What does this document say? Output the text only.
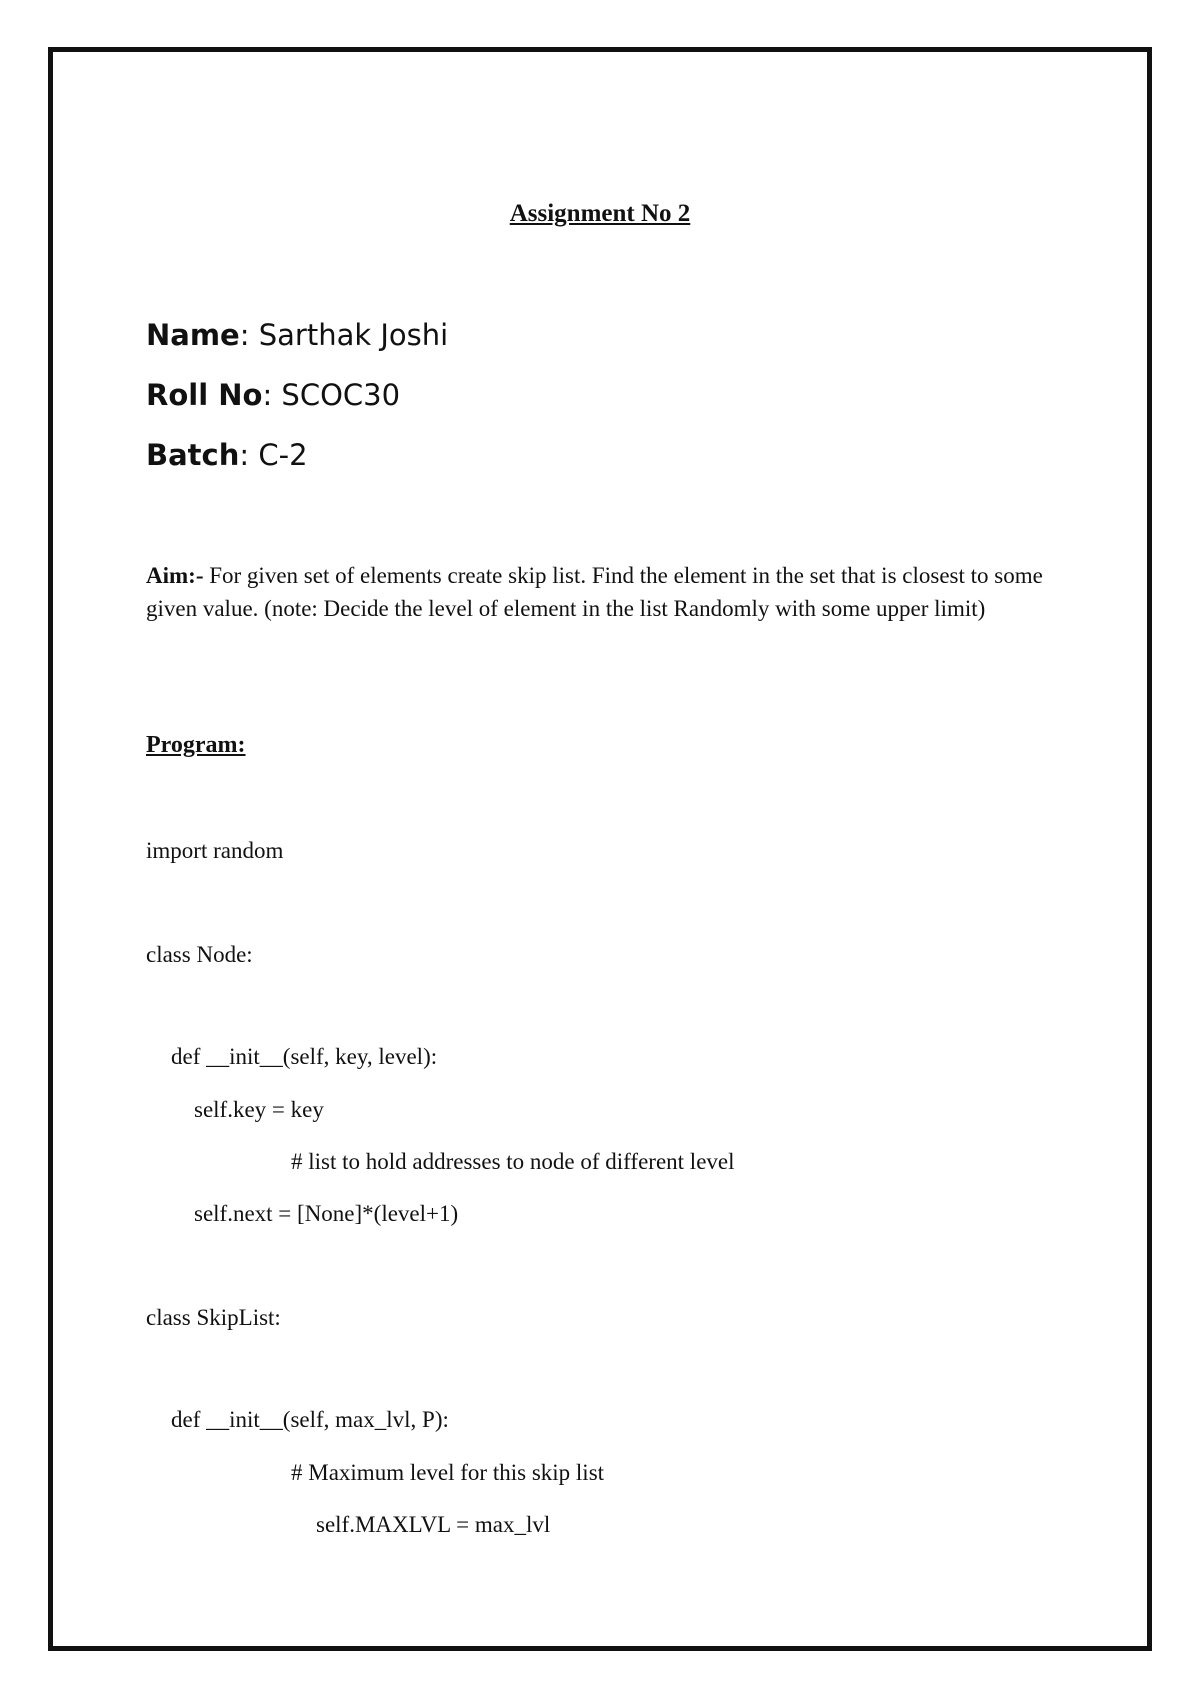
Assignment No 2
Name: Sarthak Joshi
Roll No: SCOC30
Batch: C-2
Aim:- For given set of elements create skip list. Find the element in the set that is closest to some given value. (note: Decide the level of element in the list Randomly with some upper limit)
Program:
import random
class Node:
def __init__(self, key, level):
self.key = key
# list to hold addresses to node of different level
self.next = [None]*(level+1)
class SkipList:
def __init__(self, max_lvl, P):
# Maximum level for this skip list
self.MAXLVL = max_lvl
